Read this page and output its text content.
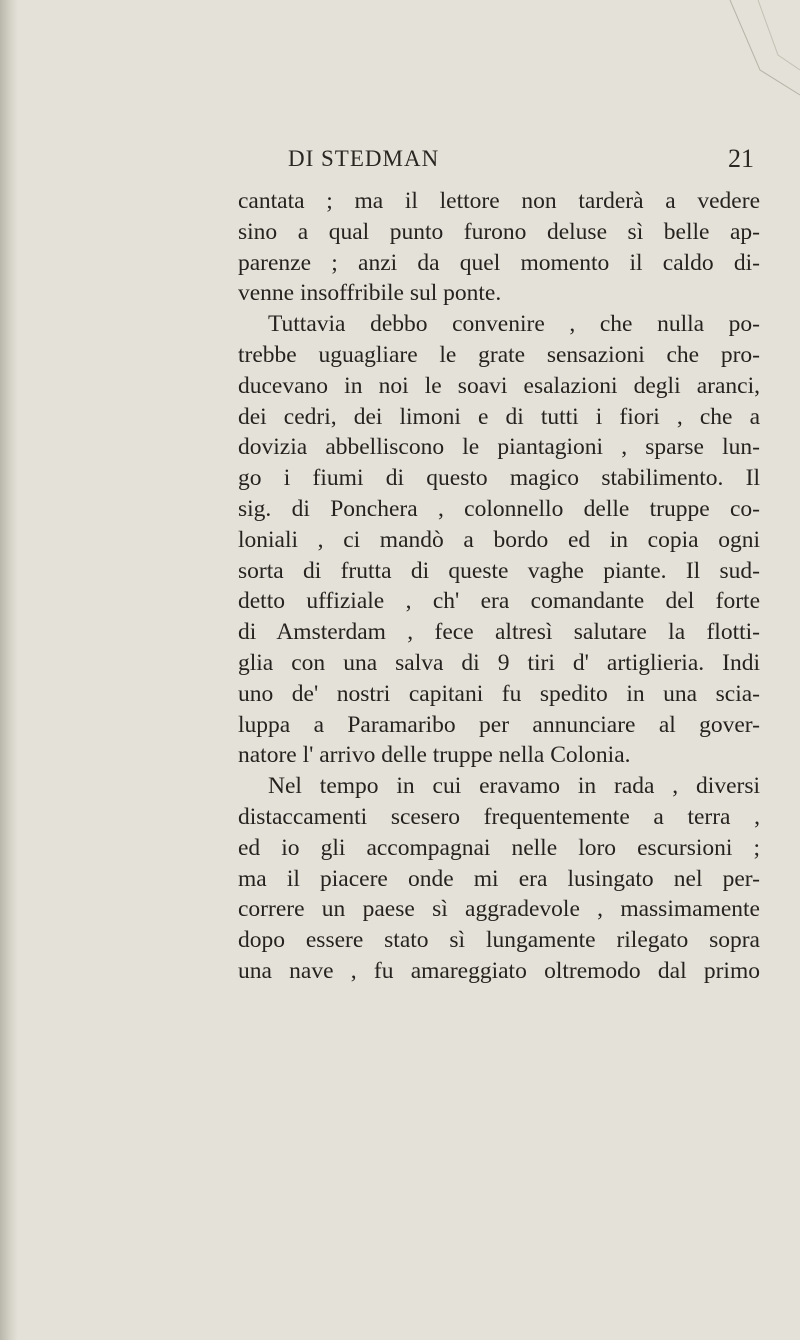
DI STEDMAN	21
cantata ; ma il lettore non tarderà a vedere
sino a qual punto furono deluse sì belle ap-
parenze ; anzi da quel momento il caldo di-
venne insoffribile sul ponte.
Tuttavia debbo convenire , che nulla po-
trebbe uguagliare le grate sensazioni che pro-
ducevano in noi le soavi esalazioni degli aranci,
dei cedri, dei limoni e di tutti i fiori , che a
dovizia abbelliscono le piantagioni , sparse lun-
go i fiumi di questo magico stabilimento. Il
sig. di Ponchera , colonnello delle truppe co-
loniali , ci mandò a bordo ed in copia ogni
sorta di frutta di queste vaghe piante. Il sud-
detto uffiziale , ch' era comandante del forte
di Amsterdam , fece altresì salutare la flotti-
glia con una salva di 9 tiri d' artiglieria. Indi
uno de' nostri capitani fu spedito in una scia-
luppa a Paramaribo per annunciare al gover-
natore l' arrivo delle truppe nella Colonia.
Nel tempo in cui eravamo in rada , diversi
distaccamenti scesero frequentemente a terra ,
ed io gli accompagnai nelle loro escursioni ;
ma il piacere onde mi era lusingato nel per-
correre un paese sì aggradevole , massimamente
dopo essere stato sì lungamente rilegato sopra
una nave , fu amareggiato oltremodo dal primo
